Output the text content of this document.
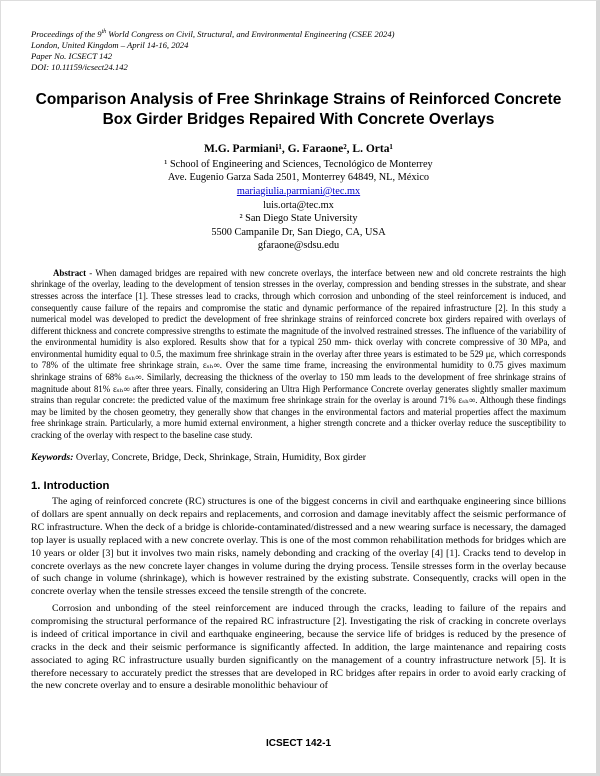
Proceedings of the 9th World Congress on Civil, Structural, and Environmental Engineering (CSEE 2024)
London, United Kingdom – April 14-16, 2024
Paper No. ICSECT 142
DOI: 10.11159/icsect24.142
Comparison Analysis of Free Shrinkage Strains of Reinforced Concrete Box Girder Bridges Repaired With Concrete Overlays
M.G. Parmiani¹, G. Faraone², L. Orta¹
¹ School of Engineering and Sciences, Tecnológico de Monterrey
Ave. Eugenio Garza Sada 2501, Monterrey 64849, NL, México
mariagiulia.parmiani@tec.mx
luis.orta@tec.mx
² San Diego State University
5500 Campanile Dr, San Diego, CA, USA
gfaraone@sdsu.edu

Abstract - When damaged bridges are repaired with new concrete overlays, the interface between new and old concrete restraints the high shrinkage of the overlay, leading to the development of tension stresses in the overlay, compression and bending stresses in the substrate, and shear stresses across the interface [1]. These stresses lead to cracks, through which corrosion and unbonding of the steel reinforcement is induced, and consequently cause failure of the repairs and compromise the static and dynamic performance of the repaired infrastructure [2]. In this study a numerical model was developed to predict the development of free shrinkage strains of reinforced concrete box girders repaired with overlays of different thickness and concrete compressive strengths to estimate the magnitude of the involved restrained stresses. The influence of the variability of the environmental humidity is also explored. Results show that for a typical 250 mm- thick overlay with concrete compressive of 30 MPa, and environmental humidity equal to 0.5, the maximum free shrinkage strain in the overlay after three years is estimated to be 529 με, which corresponds to 78% of the ultimate free shrinkage strain, εₛₕ∞. Over the same time frame, increasing the environmental humidity to 0.75 gives maximum shrinkage strains of 68% εₛₕ∞. Similarly, decreasing the thickness of the overlay to 150 mm leads to the development of free shrinkage strains of magnitude about 81% εₛₕ∞ after three years. Finally, considering an Ultra High Performance Concrete overlay generates slightly smaller maximum strains than regular concrete: the predicted value of the maximum free shrinkage strain for the overlay is around 71% εₛₕ∞. Although these findings may be limited by the chosen geometry, they generally show that changes in the environmental factors and material properties affect the maximum free shrinkage strain. Particularly, a more humid external environment, a higher strength concrete and a thicker overlay reduce the susceptibility to cracking of the overlay with respect to the baseline case study.

Keywords: Overlay, Concrete, Bridge, Deck, Shrinkage, Strain, Humidity, Box girder

1. Introduction

The aging of reinforced concrete (RC) structures is one of the biggest concerns in civil and earthquake engineering since billions of dollars are spent annually on deck repairs and replacements, and corrosion and damage inevitably affect the seismic performance of RC infrastructure. When the deck of a bridge is chloride-contaminated/distressed and a new wearing surface is necessary, the damaged top layer is usually replaced with a new concrete overlay. This is one of the most common rehabilitation methods for bridges which are 10 years or older [3] but it involves two main risks, namely debonding and cracking of the overlay [4] [1]. Cracks tend to develop in concrete overlays as the new concrete layer changes in volume during the drying process. Tensile stresses form in the overlay because of such change in volume (shrinkage), which is however restrained by the existing substrate. Consequently, cracks will open in the concrete overlay when the tensile stresses exceed the tensile strength of the concrete.

Corrosion and unbonding of the steel reinforcement are induced through the cracks, leading to failure of the repairs and compromising the structural performance of the repaired RC infrastructure [2]. Investigating the risk of cracking in concrete overlays is indeed of critical importance in civil and earthquake engineering, because the service life of bridges is reduced by the presence of cracks in the deck and their seismic performance is significantly affected. In addition, the large maintenance and repairing costs associated to aging RC infrastructure usually burden significantly on the management of a country infrastructure network [5]. It is therefore necessary to accurately predict the stresses that are developed in RC bridges after repairs in order to avoid early cracking of the new concrete overlay and to ensure a desirable monolithic behaviour of

ICSECT 142-1
